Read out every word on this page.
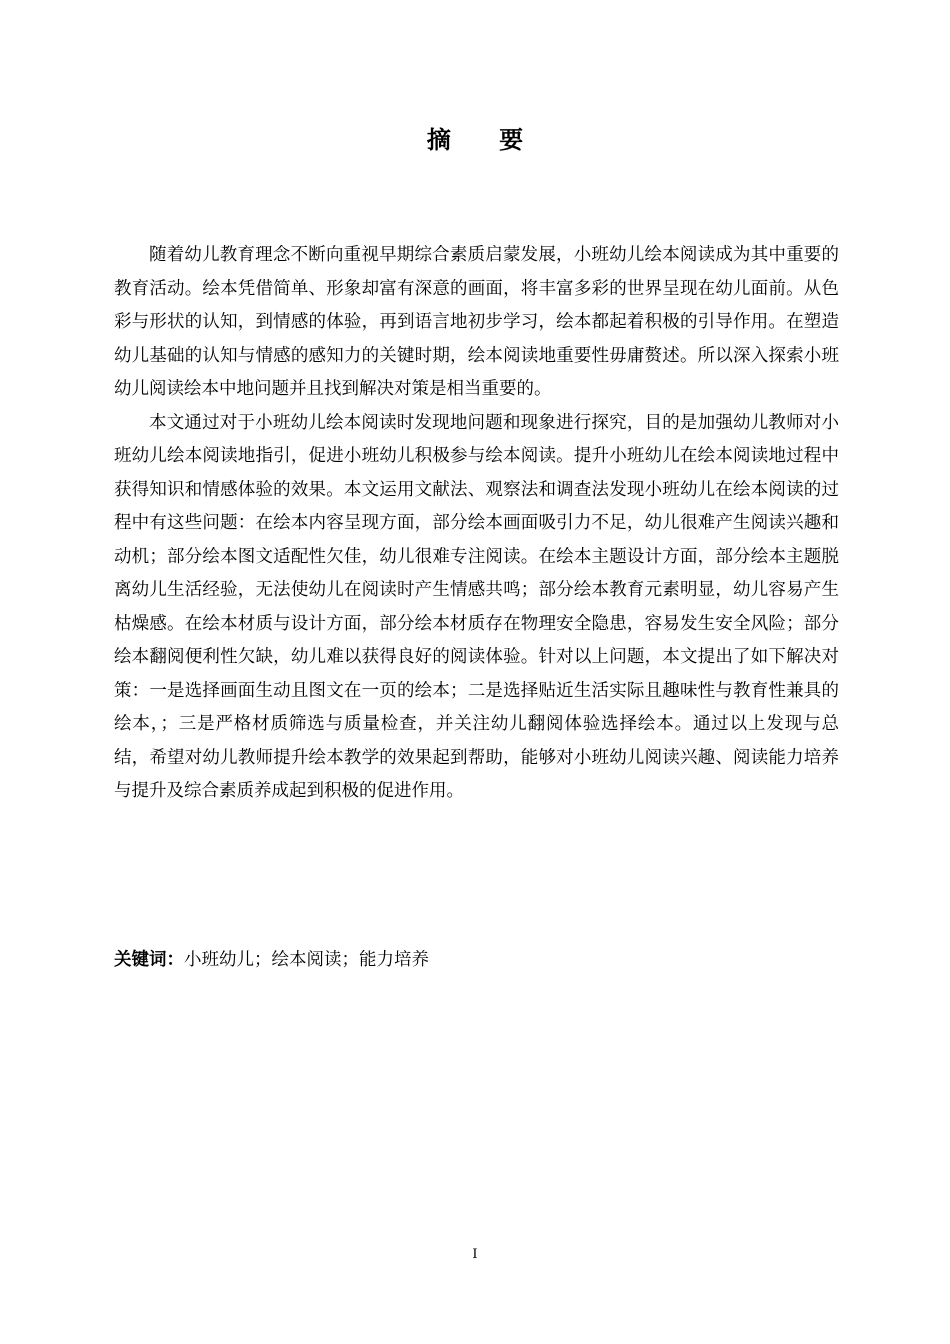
摘 要

随着幼儿教育理念不断向重视早期综合素质启蒙发展，小班幼儿绘本阅读成为其中重要的教育活动。绘本凭借简单、形象却富有深意的画面，将丰富多彩的世界呈现在幼儿面前。从色彩与形状的认知，到情感的体验，再到语言地初步学习，绘本都起着积极的引导作用。在塑造幼儿基础的认知与情感的感知力的关键时期，绘本阅读地重要性毋庸赘述。所以深入探索小班幼儿阅读绘本中地问题并且找到解决对策是相当重要的。

本文通过对于小班幼儿绘本阅读时发现地问题和现象进行探究，目的是加强幼儿教师对小班幼儿绘本阅读地指引，促进小班幼儿积极参与绘本阅读。提升小班幼儿在绘本阅读地过程中获得知识和情感体验的效果。本文运用文献法、观察法和调查法发现小班幼儿在绘本阅读的过程中有这些问题：在绘本内容呈现方面，部分绘本画面吸引力不足，幼儿很难产生阅读兴趣和动机；部分绘本图文适配性欠佳，幼儿很难专注阅读。在绘本主题设计方面，部分绘本主题脱离幼儿生活经验，无法使幼儿在阅读时产生情感共鸣；部分绘本教育元素明显，幼儿容易产生枯燥感。在绘本材质与设计方面，部分绘本材质存在物理安全隐患，容易发生安全风险；部分绘本翻阅便利性欠缺，幼儿难以获得良好的阅读体验。针对以上问题，本文提出了如下解决对策：一是选择画面生动且图文在一页的绘本；二是选择贴近生活实际且趣味性与教育性兼具的绘本，；三是严格材质筛选与质量检查，并关注幼儿翻阅体验选择绘本。通过以上发现与总结，希望对幼儿教师提升绘本教学的效果起到帮助，能够对小班幼儿阅读兴趣、阅读能力培养与提升及综合素质养成起到积极的促进作用。

关键词：小班幼儿；绘本阅读；能力培养
I
